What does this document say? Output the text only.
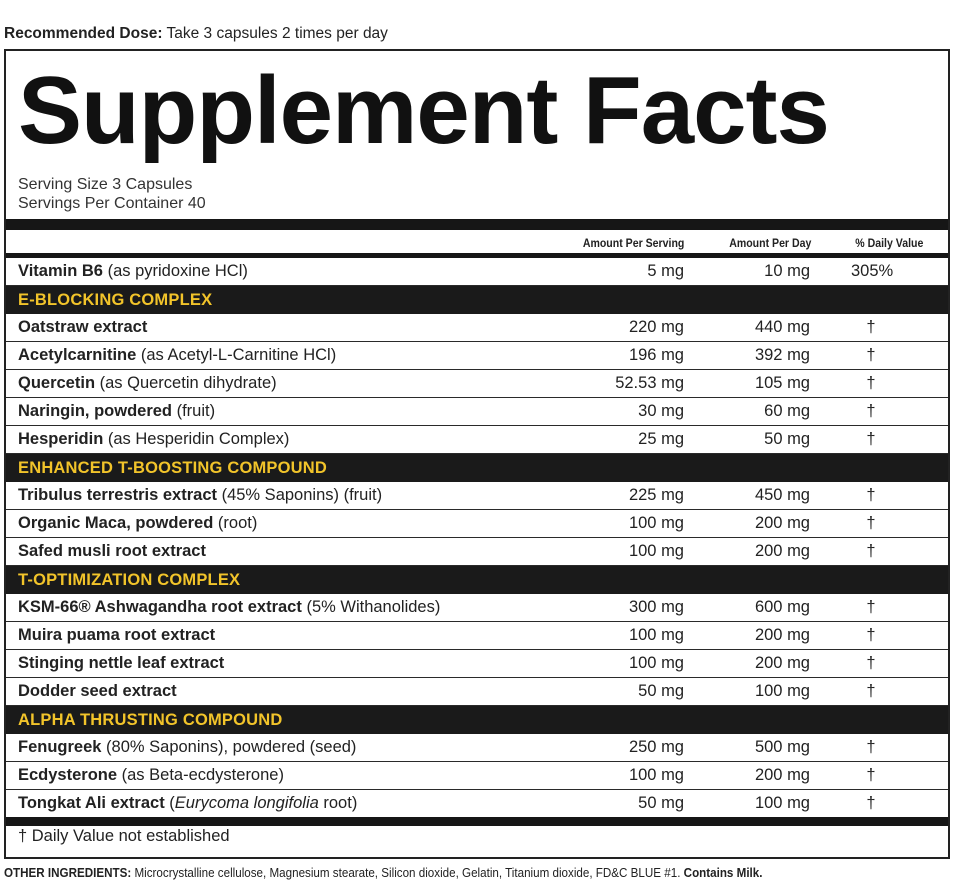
Recommended Dose: Take 3 capsules 2 times per day
Supplement Facts
Serving Size 3 Capsules
Servings Per Container 40
Amount Per Serving	Amount Per Day	% Daily Value
Vitamin B6 (as pyridoxine HCl)	5 mg	10 mg 305%
E-BLOCKING COMPLEX
Oatstraw extract	220 mg	440 mg	†
Acetylcarnitine (as Acetyl-L-Carnitine HCl)	196 mg	392 mg	†
Quercetin (as Quercetin dihydrate)	52.53 mg	105 mg	†
Naringin, powdered (fruit)	30 mg	60 mg	†
Hesperidin (as Hesperidin Complex)	25 mg	50 mg	†
ENHANCED T-BOOSTING COMPOUND
Tribulus terrestris extract (45% Saponins) (fruit)	225 mg	450 mg	†
Organic Maca, powdered (root)	100 mg	200 mg	†
Safed musli root extract	100 mg	200 mg	†
T-OPTIMIZATION COMPLEX
KSM-66® Ashwagandha root extract (5% Withanolides)	300 mg	600 mg	†
Muira puama root extract	100 mg	200 mg	†
Stinging nettle leaf extract	100 mg	200 mg	†
Dodder seed extract	50 mg	100 mg	†
ALPHA THRUSTING COMPOUND
Fenugreek (80% Saponins), powdered (seed)	250 mg	500 mg	†
Ecdysterone (as Beta-ecdysterone)	100 mg	200 mg	†
Tongkat Ali extract (Eurycoma longifolia root)	50 mg	100 mg	†
† Daily Value not established
OTHER INGREDIENTS: Microcrystalline cellulose, Magnesium stearate, Silicon dioxide, Gelatin, Titanium dioxide, FD&C BLUE #1. Contains Milk.
